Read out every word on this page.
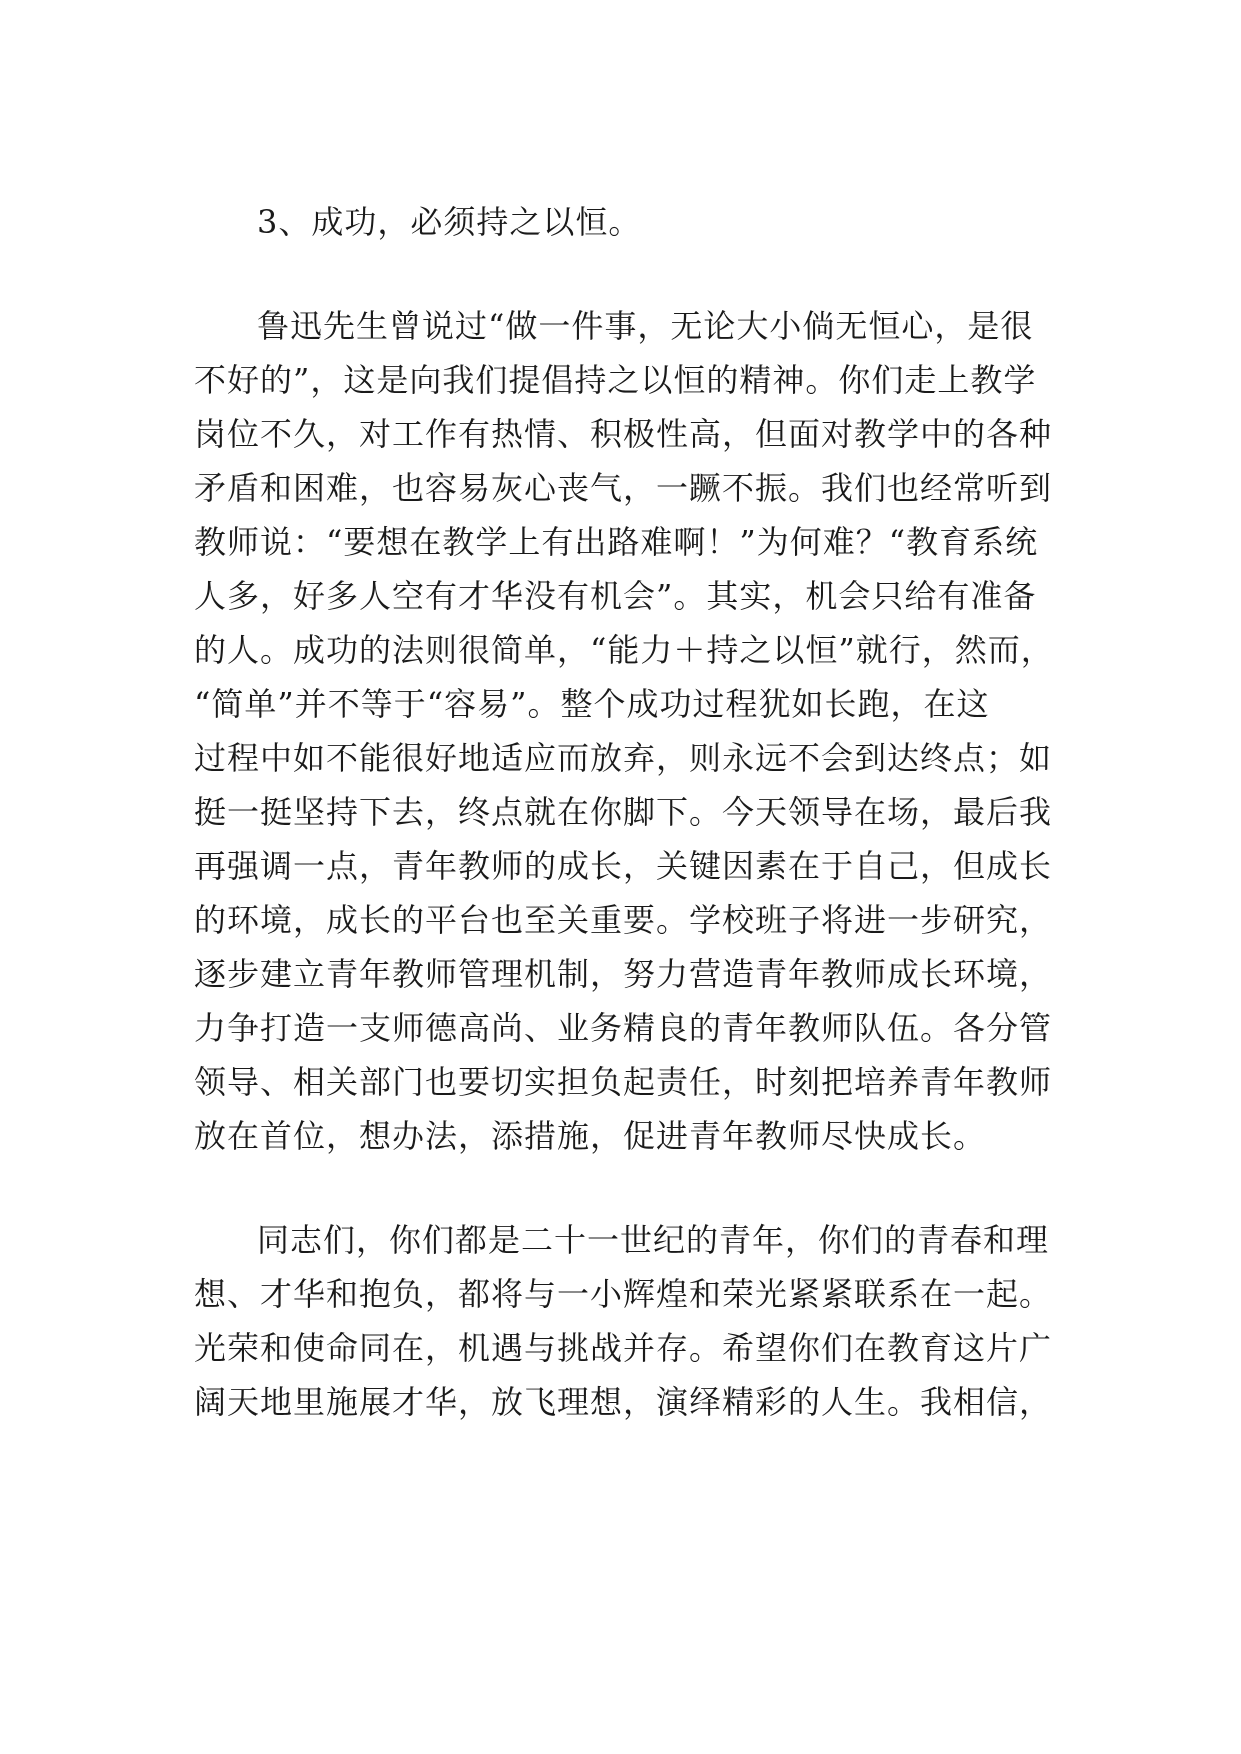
3、成功，必须持之以恒。
鲁迅先生曾说过“做一件事，无论大小倘无恒心，是很
不好的”，这是向我们提倡持之以恒的精神。你们走上教学
岗位不久，对工作有热情、积极性高，但面对教学中的各种
矛盾和困难，也容易灰心丧气，一蹶不振。我们也经常听到
教师说：“要想在教学上有出路难啊！”为何难？“教育系统
人多，好多人空有才华没有机会”。其实，机会只给有准备
的人。成功的法则很简单，“能力＋持之以恒”就行，然而，
“简单”并不等于“容易”。整个成功过程犹如长跑，在这
过程中如不能很好地适应而放弃，则永远不会到达终点；如
挺一挺坚持下去，终点就在你脚下。今天领导在场，最后我
再强调一点，青年教师的成长，关键因素在于自己，但成长
的环境，成长的平台也至关重要。学校班子将进一步研究，
逐步建立青年教师管理机制，努力营造青年教师成长环境，
力争打造一支师德高尚、业务精良的青年教师队伍。各分管
领导、相关部门也要切实担负起责任，时刻把培养青年教师
放在首位，想办法，添措施，促进青年教师尽快成长。
同志们，你们都是二十一世纪的青年，你们的青春和理
想、才华和抱负，都将与一小辉煌和荣光紧紧联系在一起。
光荣和使命同在，机遇与挑战并存。希望你们在教育这片广
阔天地里施展才华，放飞理想，演绎精彩的人生。我相信，
